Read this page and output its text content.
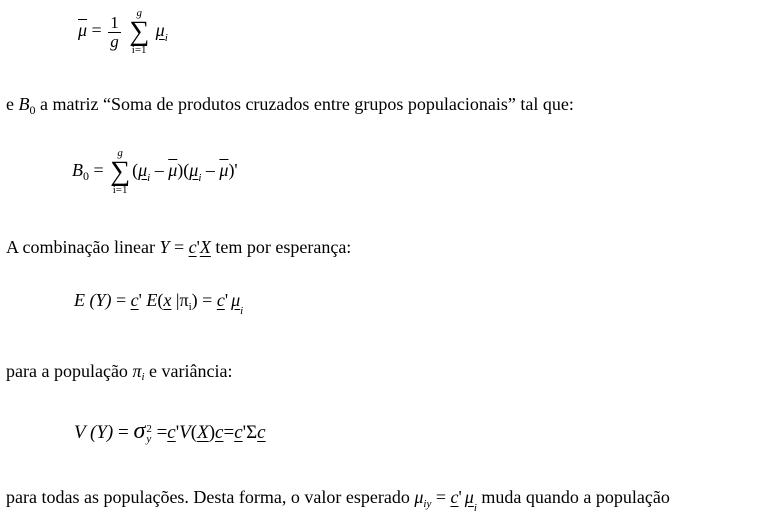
$\overline{\mu} = \frac{1}{g}$

g
∑
i=1
$\mu_i$
e $B_0$ a matriz “Soma de produtos cruzados entre grupos populacionais” tal que:
$B_0$ =
g
∑
i=1
$(\mu_i - \overline{\mu})(\mu_i - \overline{\mu})'$
A combinação linear Y = c'X tem por esperança:
E (Y) = c' E(x $|\pi_i) = c'$ $\mu_i$
para a população πi e variância:
V (Y) = σ 2
y =c'V(X)c=c'Σc
para todas as populações. Desta forma, o valor esperado $\mu_{iy} = c'$ $\mu_i$ muda quando a população
